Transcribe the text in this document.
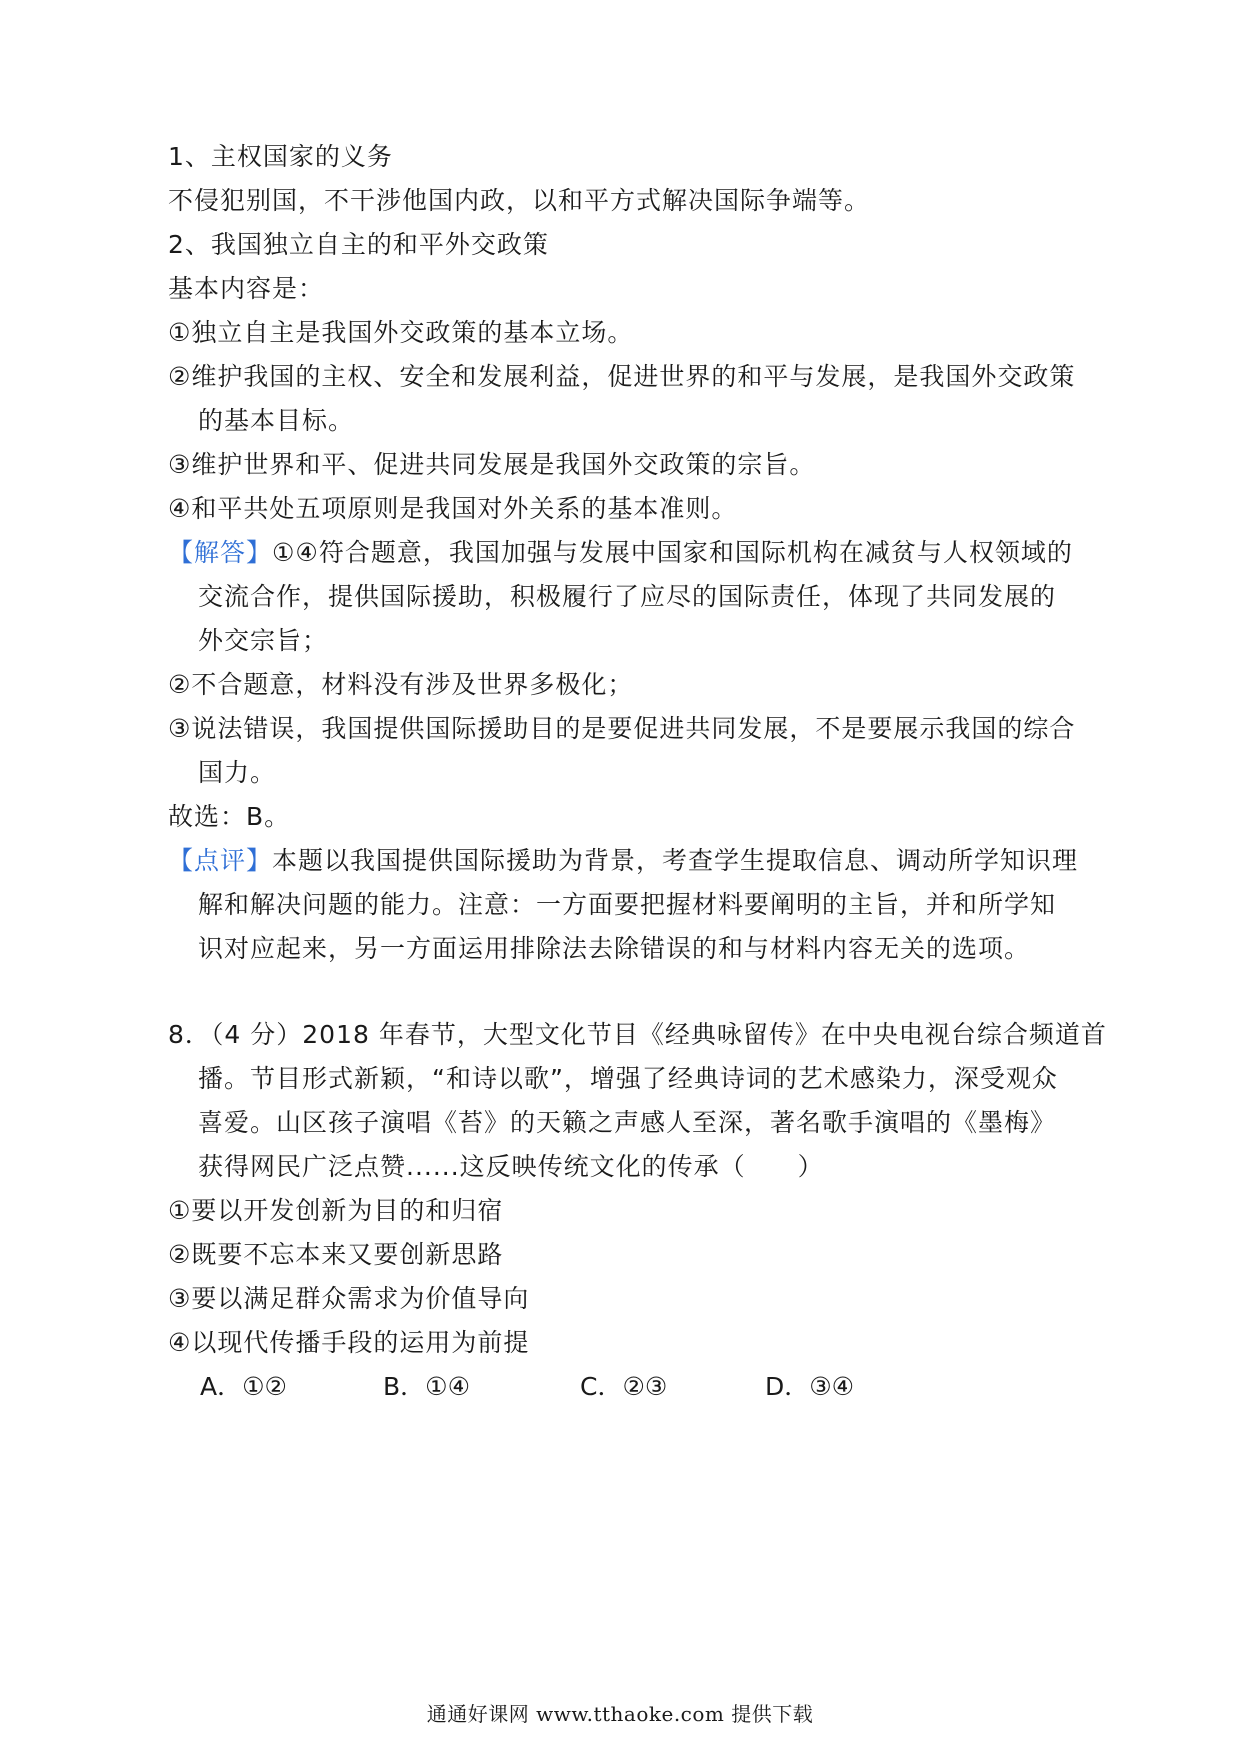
1、主权国家的义务
不侵犯别国，不干涉他国内政，以和平方式解决国际争端等。
2、我国独立自主的和平外交政策
基本内容是：
①独立自主是我国外交政策的基本立场。
②维护我国的主权、安全和发展利益，促进世界的和平与发展，是我国外交政策
的基本目标。
③维护世界和平、促进共同发展是我国外交政策的宗旨。
④和平共处五项原则是我国对外关系的基本准则。
【解答】①④符合题意，我国加强与发展中国家和国际机构在减贫与人权领域的
交流合作，提供国际援助，积极履行了应尽的国际责任，体现了共同发展的
外交宗旨；
②不合题意，材料没有涉及世界多极化；
③说法错误，我国提供国际援助目的是要促进共同发展，不是要展示我国的综合
国力。
故选：B。
【点评】本题以我国提供国际援助为背景，考查学生提取信息、调动所学知识理
解和解决问题的能力。注意：一方面要把握材料要阐明的主旨，并和所学知
识对应起来，另一方面运用排除法去除错误的和与材料内容无关的选项。
8．（4 分）2018 年春节，大型文化节目《经典咏留传》在中央电视台综合频道首
播。节目形式新颖，“和诗以歌”，增强了经典诗词的艺术感染力，深受观众
喜爱。山区孩子演唱《苔》的天籁之声感人至深，著名歌手演唱的《墨梅》
获得网民广泛点赞......这反映传统文化的传承（　　）
①要以开发创新为目的和归宿
②既要不忘本来又要创新思路
③要以满足群众需求为价值导向
④以现代传播手段的运用为前提
A．①②	B．①④	C．②③	D．③④
通通好课网 www.tthaoke.com 提供下载
